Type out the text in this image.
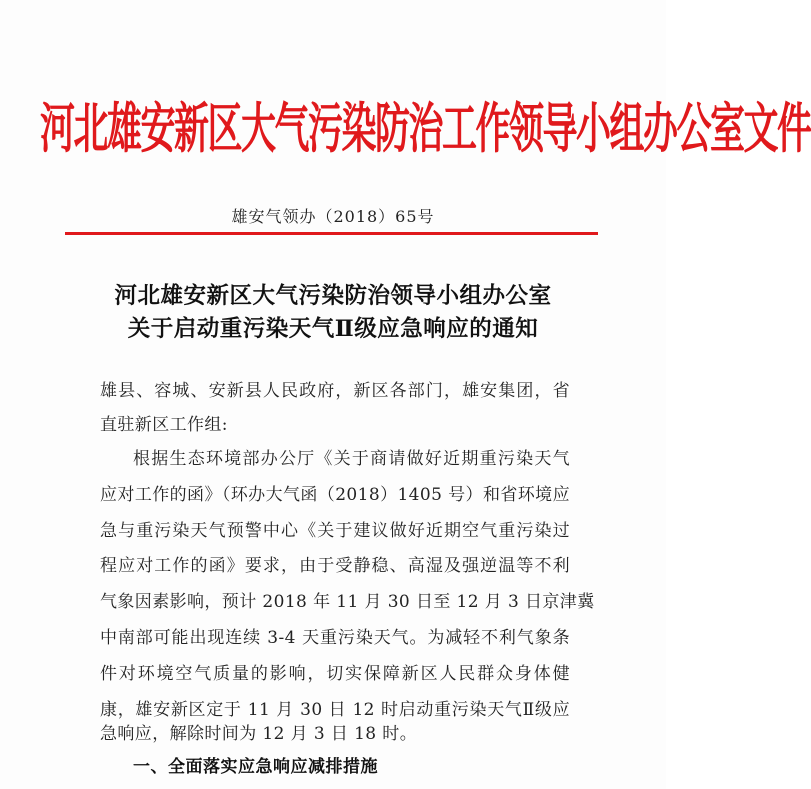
河北雄安新区大气污染防治工作领导小组办公室文件
雄安气领办（2018）65号
河北雄安新区大气污染防治领导小组办公室
关于启动重污染天气Ⅱ级应急响应的通知
雄县、容城、安新县人民政府，新区各部门，雄安集团，省
直驻新区工作组:
根据生态环境部办公厅《关于商请做好近期重污染天气
应对工作的函》（环办大气函（2018）1405 号）和省环境应
急与重污染天气预警中心《关于建议做好近期空气重污染过
程应对工作的函》要求，由于受静稳、高湿及强逆温等不利
气象因素影响，预计 2018 年 11 月 30 日至 12 月 3 日京津冀
中南部可能出现连续 3-4 天重污染天气。为减轻不利气象条
件对环境空气质量的影响，切实保障新区人民群众身体健
康，雄安新区定于 11 月 30 日 12 时启动重污染天气Ⅱ级应
急响应，解除时间为 12 月 3 日 18 时。
一、全面落实应急响应减排措施
